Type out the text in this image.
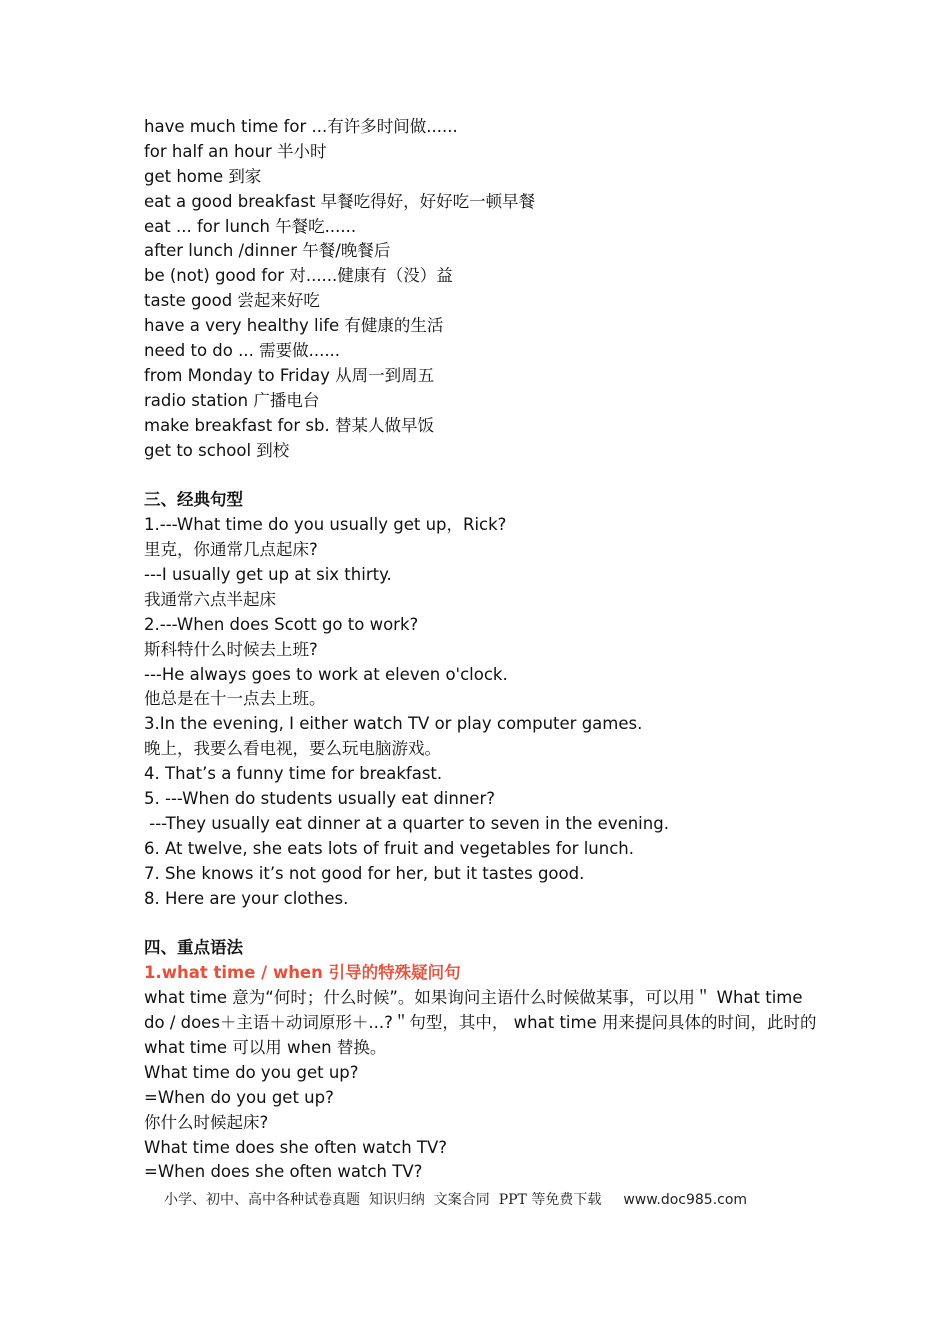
have much time for ...有许多时间做......
for half an hour 半小时
get home 到家
eat a good breakfast 早餐吃得好，好好吃一顿早餐
eat ... for lunch 午餐吃......
after lunch /dinner 午餐/晚餐后
be (not) good for 对......健康有（没）益
taste good 尝起来好吃
have a very healthy life 有健康的生活
need to do ... 需要做......
from Monday to Friday 从周一到周五
radio station 广播电台
make breakfast for sb. 替某人做早饭
get to school 到校
三、经典句型
1.---What time do you usually get up，Rick?
里克，你通常几点起床?
---I usually get up at six thirty.
我通常六点半起床
2.---When does Scott go to work?
斯科特什么时候去上班?
---He always goes to work at eleven o'clock.
他总是在十一点去上班。
3.In the evening, I either watch TV or play computer games.
晚上，我要么看电视，要么玩电脑游戏。
4. That’s a funny time for breakfast.
5. ---When do students usually eat dinner?
---They usually eat dinner at a quarter to seven in the evening.
6. At twelve, she eats lots of fruit and vegetables for lunch.
7. She knows it’s not good for her, but it tastes good.
8. Here are your clothes.
四、重点语法
1.what time / when 引导的特殊疑问句
what time 意为“何时；什么时候”。如果询问主语什么时候做某事，可以用＂ What time do / does＋主语＋动词原形＋...?＂句型，其中， what time 用来提问具体的时间，此时的 what time 可以用 when 替换。
What time do you get up?
=When do you get up?
你什么时候起床?
What time does she often watch TV?
=When does she often watch TV?
小学、初中、高中各种试卷真题  知识归纳  文案合同  PPT 等免费下载 www.doc985.com
